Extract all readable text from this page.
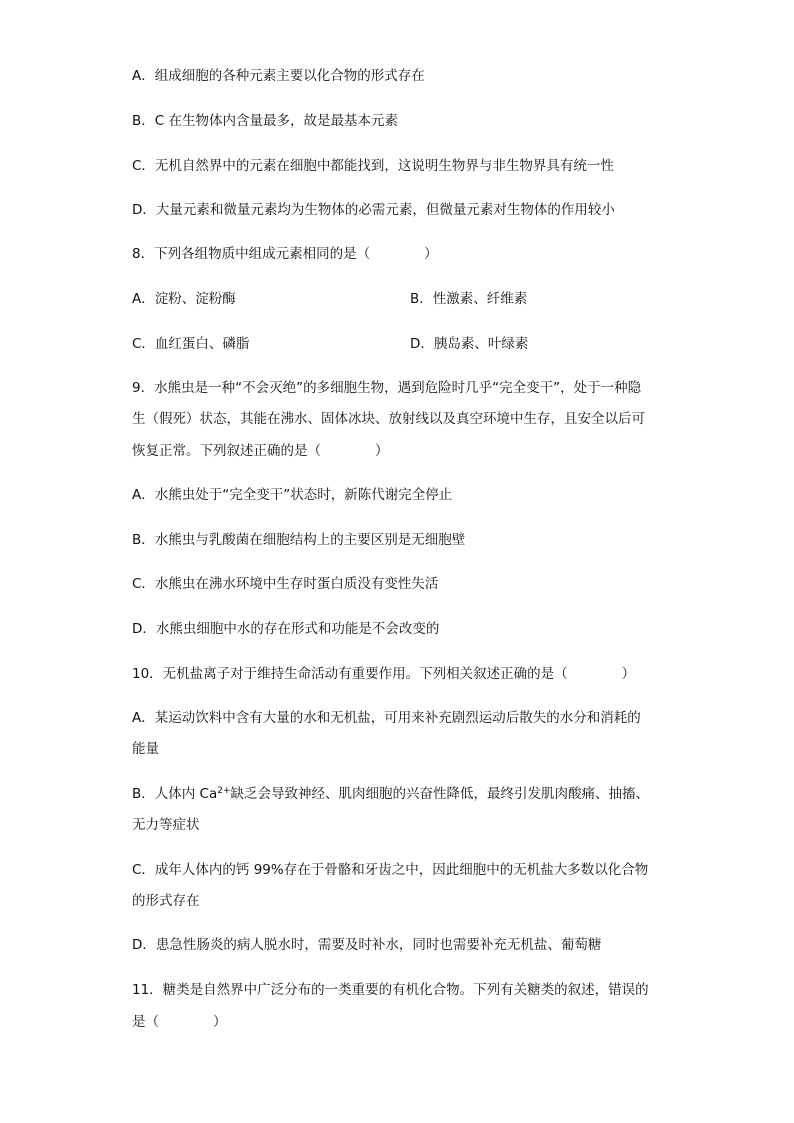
A．组成细胞的各种元素主要以化合物的形式存在
B．C 在生物体内含量最多，故是最基本元素
C．无机自然界中的元素在细胞中都能找到，这说明生物界与非生物界具有统一性
D．大量元素和微量元素均为生物体的必需元素，但微量元素对生物体的作用较小
8．下列各组物质中组成元素相同的是（　　　　）
A．淀粉、淀粉酶	B．性激素、纤维素
C．血红蛋白、磷脂	D．胰岛素、叶绿素
9．水熊虫是一种“不会灭绝”的多细胞生物，遇到危险时几乎“完全变干”，处于一种隐
生（假死）状态，其能在沸水、固体冰块、放射线以及真空环境中生存，且安全以后可
恢复正常。下列叙述正确的是（　　　　）
A．水熊虫处于“完全变干”状态时，新陈代谢完全停止
B．水熊虫与乳酸菌在细胞结构上的主要区别是无细胞壁
C．水熊虫在沸水环境中生存时蛋白质没有变性失活
D．水熊虫细胞中水的存在形式和功能是不会改变的
10．无机盐离子对于维持生命活动有重要作用。下列相关叙述正确的是（　　　　）
A．某运动饮料中含有大量的水和无机盐，可用来补充剧烈运动后散失的水分和消耗的
能量
B．人体内 $Ca^{2+}$缺乏会导致神经、肌肉细胞的兴奋性降低，最终引发肌肉酸痛、抽搐、
无力等症状
C．成年人体内的钙 99%存在于骨骼和牙齿之中，因此细胞中的无机盐大多数以化合物
的形式存在
D．患急性肠炎的病人脱水时，需要及时补水，同时也需要补充无机盐、葡萄糖
11．糖类是自然界中广泛分布的一类重要的有机化合物。下列有关糖类的叙述，错误的
是（　　　　）
